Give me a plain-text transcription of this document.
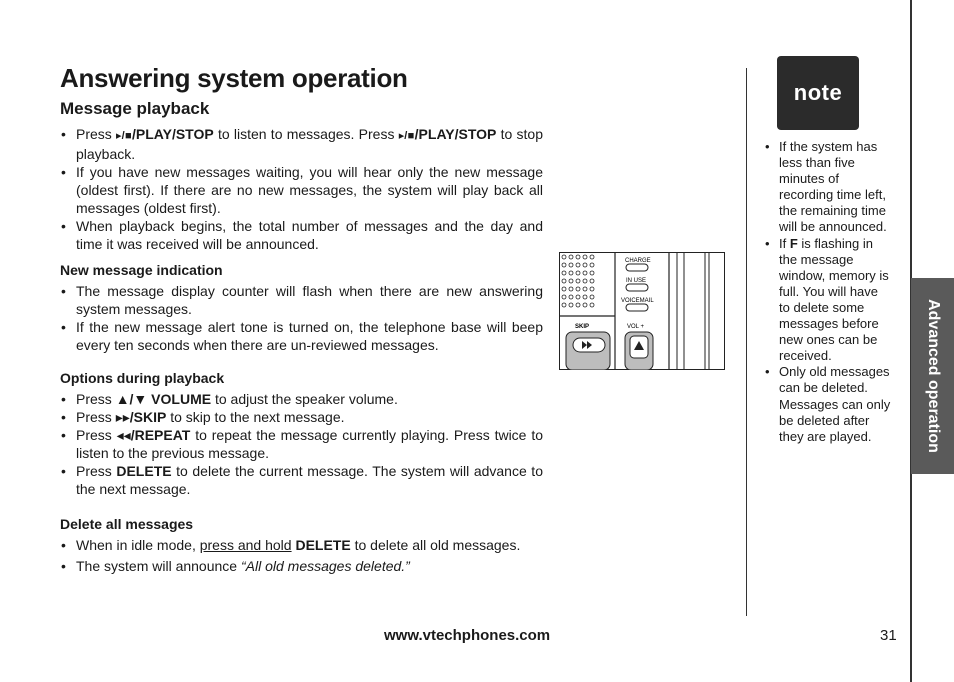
Answering system operation
Message playback
• Press ▸/■/PLAY/STOP to listen to messages. Press ▸/■/PLAY/STOP to stop playback.
• If you have new messages waiting, you will hear only the new message (oldest first). If there are no new messages, the system will play back all messages (oldest first).
• When playback begins, the total number of messages and the day and time it was received will be announced.

New message indication

• The message display counter will flash when there are new answering system messages.
• If the new message alert tone is turned on, the telephone base will beep every ten seconds when there are un-reviewed messages.

Options during playback

• Press ▲/▼ VOLUME to adjust the speaker volume.
• Press ▸▸/SKIP to skip to the next message.
• Press ◂◂/REPEAT to repeat the message currently playing. Press twice to listen to the previous message.
• Press DELETE to delete the current message. The system will advance to the next message.

Delete all messages

• When in idle mode, press and hold DELETE to delete all old messages.
• The system will announce “All old messages deleted.”
CHARGE
IN USE
VOICEMAIL
VOL +
SKIP
note
• If the system has less than five minutes of recording time left, the remaining time will be announced.
• If F is flashing in the message window, memory is full. You will have to delete some messages before new ones can be received.
• Only old messages can be deleted. Messages can only be deleted after they are played.	Advanced operation
www.vtechphones.com	31
